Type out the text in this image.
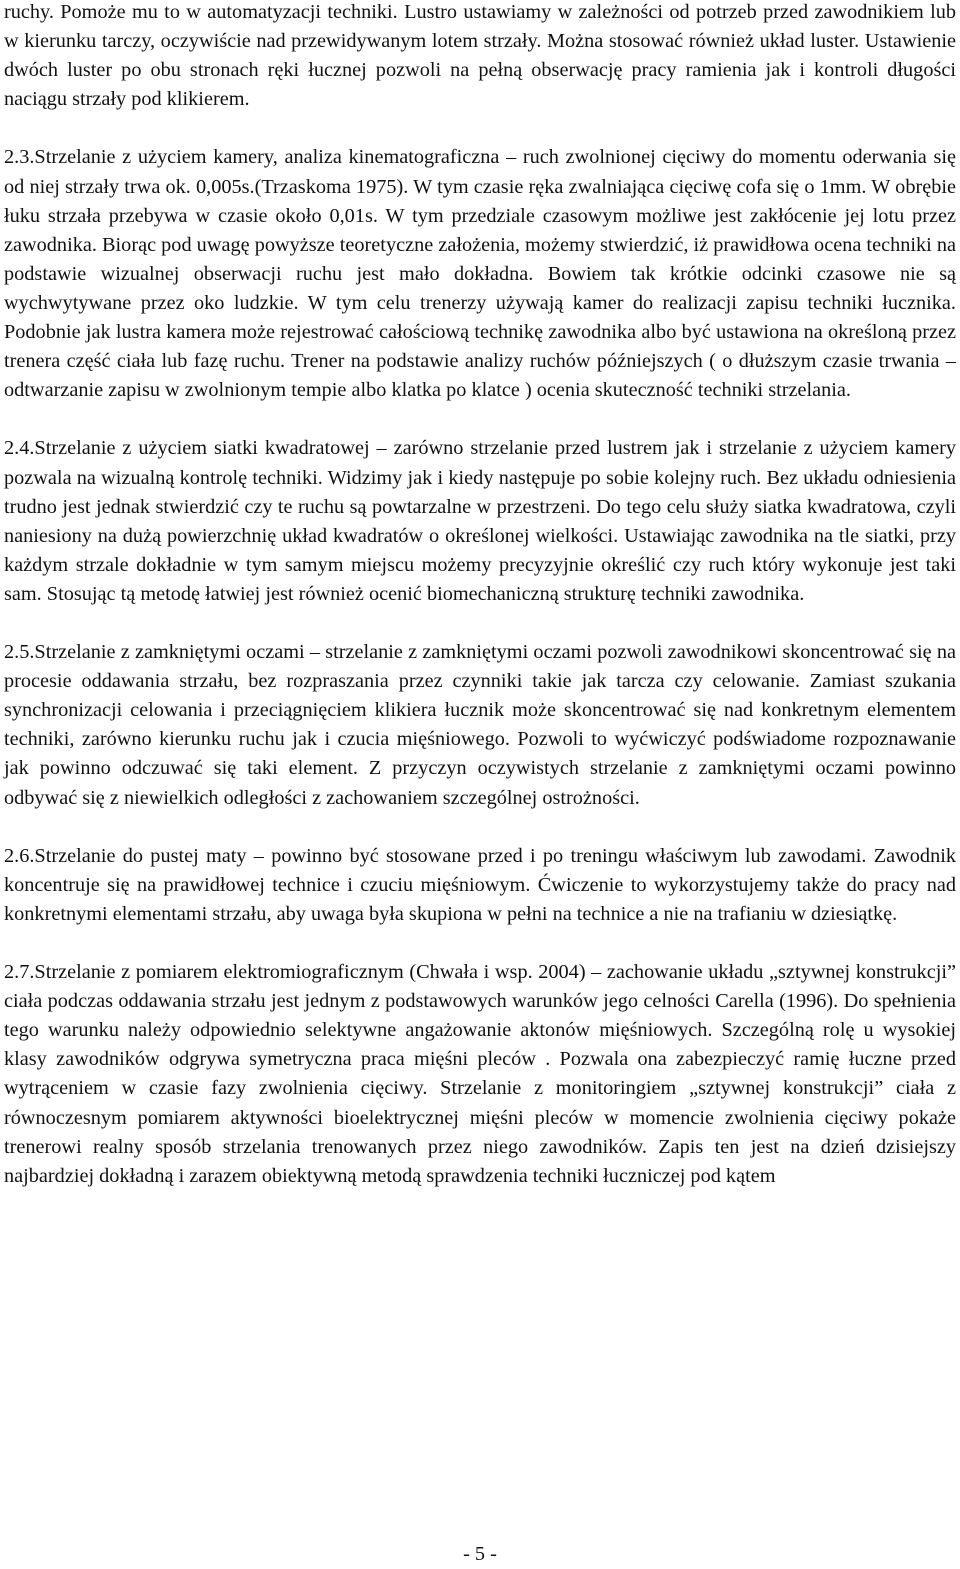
ruchy. Pomoże mu to w automatyzacji techniki. Lustro ustawiamy w zależności od potrzeb przed zawodnikiem lub w kierunku tarczy, oczywiście nad przewidywanym lotem strzały. Można stosować również układ luster. Ustawienie dwóch luster po obu stronach ręki łucznej pozwoli na pełną obserwację pracy ramienia jak i kontroli długości naciągu strzały pod klikierem.

2.3.Strzelanie z użyciem kamery, analiza kinematograficzna – ruch zwolnionej cięciwy do momentu oderwania się od niej strzały trwa ok. 0,005s.(Trzaskoma 1975). W tym czasie ręka zwalniająca cięciwę cofa się o 1mm. W obrębie łuku strzała przebywa w czasie około 0,01s. W tym przedziale czasowym możliwe jest zakłócenie jej lotu przez zawodnika. Biorąc pod uwagę powyższe teoretyczne założenia, możemy stwierdzić, iż prawidłowa ocena techniki na podstawie wizualnej obserwacji ruchu jest mało dokładna. Bowiem tak krótkie odcinki czasowe nie są wychwytywane przez oko ludzkie. W tym celu trenerzy używają kamer do realizacji zapisu techniki łucznika. Podobnie jak lustra kamera może rejestrować całościową technikę zawodnika albo być ustawiona na określoną przez trenera część ciała lub fazę ruchu. Trener na podstawie analizy ruchów późniejszych ( o dłuższym czasie trwania – odtwarzanie zapisu w zwolnionym tempie albo klatka po klatce ) ocenia skuteczność techniki strzelania.

2.4.Strzelanie z użyciem siatki kwadratowej – zarówno strzelanie przed lustrem jak i strzelanie z użyciem kamery pozwala na wizualną kontrolę techniki. Widzimy jak i kiedy następuje po sobie kolejny ruch. Bez układu odniesienia trudno jest jednak stwierdzić czy te ruchu są powtarzalne w przestrzeni. Do tego celu służy siatka kwadratowa, czyli naniesiony na dużą powierzchnię układ kwadratów o określonej wielkości. Ustawiając zawodnika na tle siatki, przy każdym strzale dokładnie w tym samym miejscu możemy precyzyjnie określić czy ruch który wykonuje jest taki sam. Stosując tą metodę łatwiej jest również ocenić biomechaniczną strukturę techniki zawodnika.

2.5.Strzelanie z zamkniętymi oczami – strzelanie z zamkniętymi oczami pozwoli zawodnikowi skoncentrować się na procesie oddawania strzału, bez rozpraszania przez czynniki takie jak tarcza czy celowanie. Zamiast szukania synchronizacji celowania i przeciągnięciem klikiera łucznik może skoncentrować się nad konkretnym elementem techniki, zarówno kierunku ruchu jak i czucia mięśniowego. Pozwoli to wyćwiczyć podświadome rozpoznawanie jak powinno odczuwać się taki element. Z przyczyn oczywistych strzelanie z zamkniętymi oczami powinno odbywać się z niewielkich odległości z zachowaniem szczególnej ostrożności.

2.6.Strzelanie do pustej maty – powinno być stosowane przed i po treningu właściwym lub zawodami. Zawodnik koncentruje się na prawidłowej technice i czuciu mięśniowym. Ćwiczenie to wykorzystujemy także do pracy nad konkretnymi elementami strzału, aby uwaga była skupiona w pełni na technice a nie na trafianiu w dziesiątkę.

2.7.Strzelanie z pomiarem elektromiograficznym (Chwała i wsp. 2004) – zachowanie układu „sztywnej konstrukcji” ciała podczas oddawania strzału jest jednym z podstawowych warunków jego celności Carella (1996). Do spełnienia tego warunku należy odpowiednio selektywne angażowanie aktonów mięśniowych. Szczególną rolę u wysokiej klasy zawodników odgrywa symetryczna praca mięśni pleców . Pozwala ona zabezpieczyć ramię łuczne przed wytrąceniem w czasie fazy zwolnienia cięciwy. Strzelanie z monitoringiem „sztywnej konstrukcji” ciała z równoczesnym pomiarem aktywności bioelektrycznej mięśni pleców w momencie zwolnienia cięciwy pokaże trenerowi realny sposób strzelania trenowanych przez niego zawodników. Zapis ten jest na dzień dzisiejszy najbardziej dokładną i zarazem obiektywną metodą sprawdzenia techniki łuczniczej pod kątem

- 5 -
